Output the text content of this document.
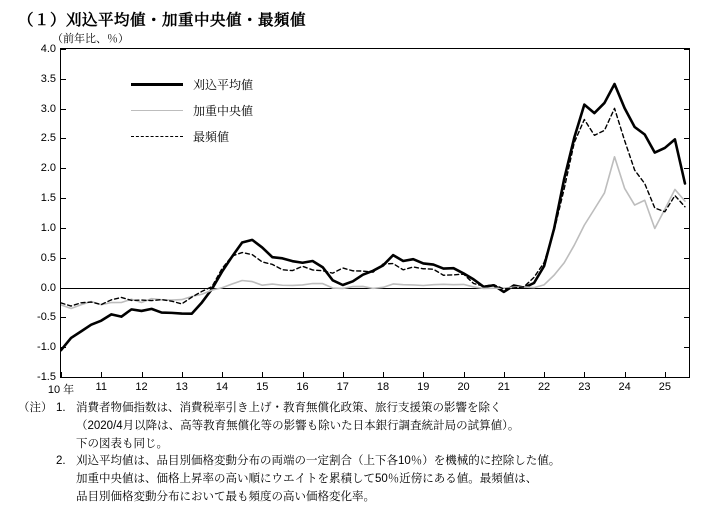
（１）刈込平均値・加重中央値・最頻値
（前年比、％）
4.0
3.5
3.0
2.5
2.0
1.5
1.0
0.5
0.0
-0.5
-1.0
-1.5
10 年 11	12	13	14	15	16	17	18	19	20	21	22	23	24	25
刈込平均値
加重中央値
最頻値
（注） 1. 消費者物価指数は、消費税率引き上げ・教育無償化政策、旅行支援策の影響を除く
（2020/4月以降は、高等教育無償化等の影響も除いた日本銀行調査統計局の試算値）。
下の図表も同じ。
2. 刈込平均値は、品目別価格変動分布の両端の一定割合（上下各10％）を機械的に控除した値。
加重中央値は、価格上昇率の高い順にウエイトを累積して50％近傍にある値。最頻値は、
品目別価格変動分布において最も頻度の高い価格変化率。
